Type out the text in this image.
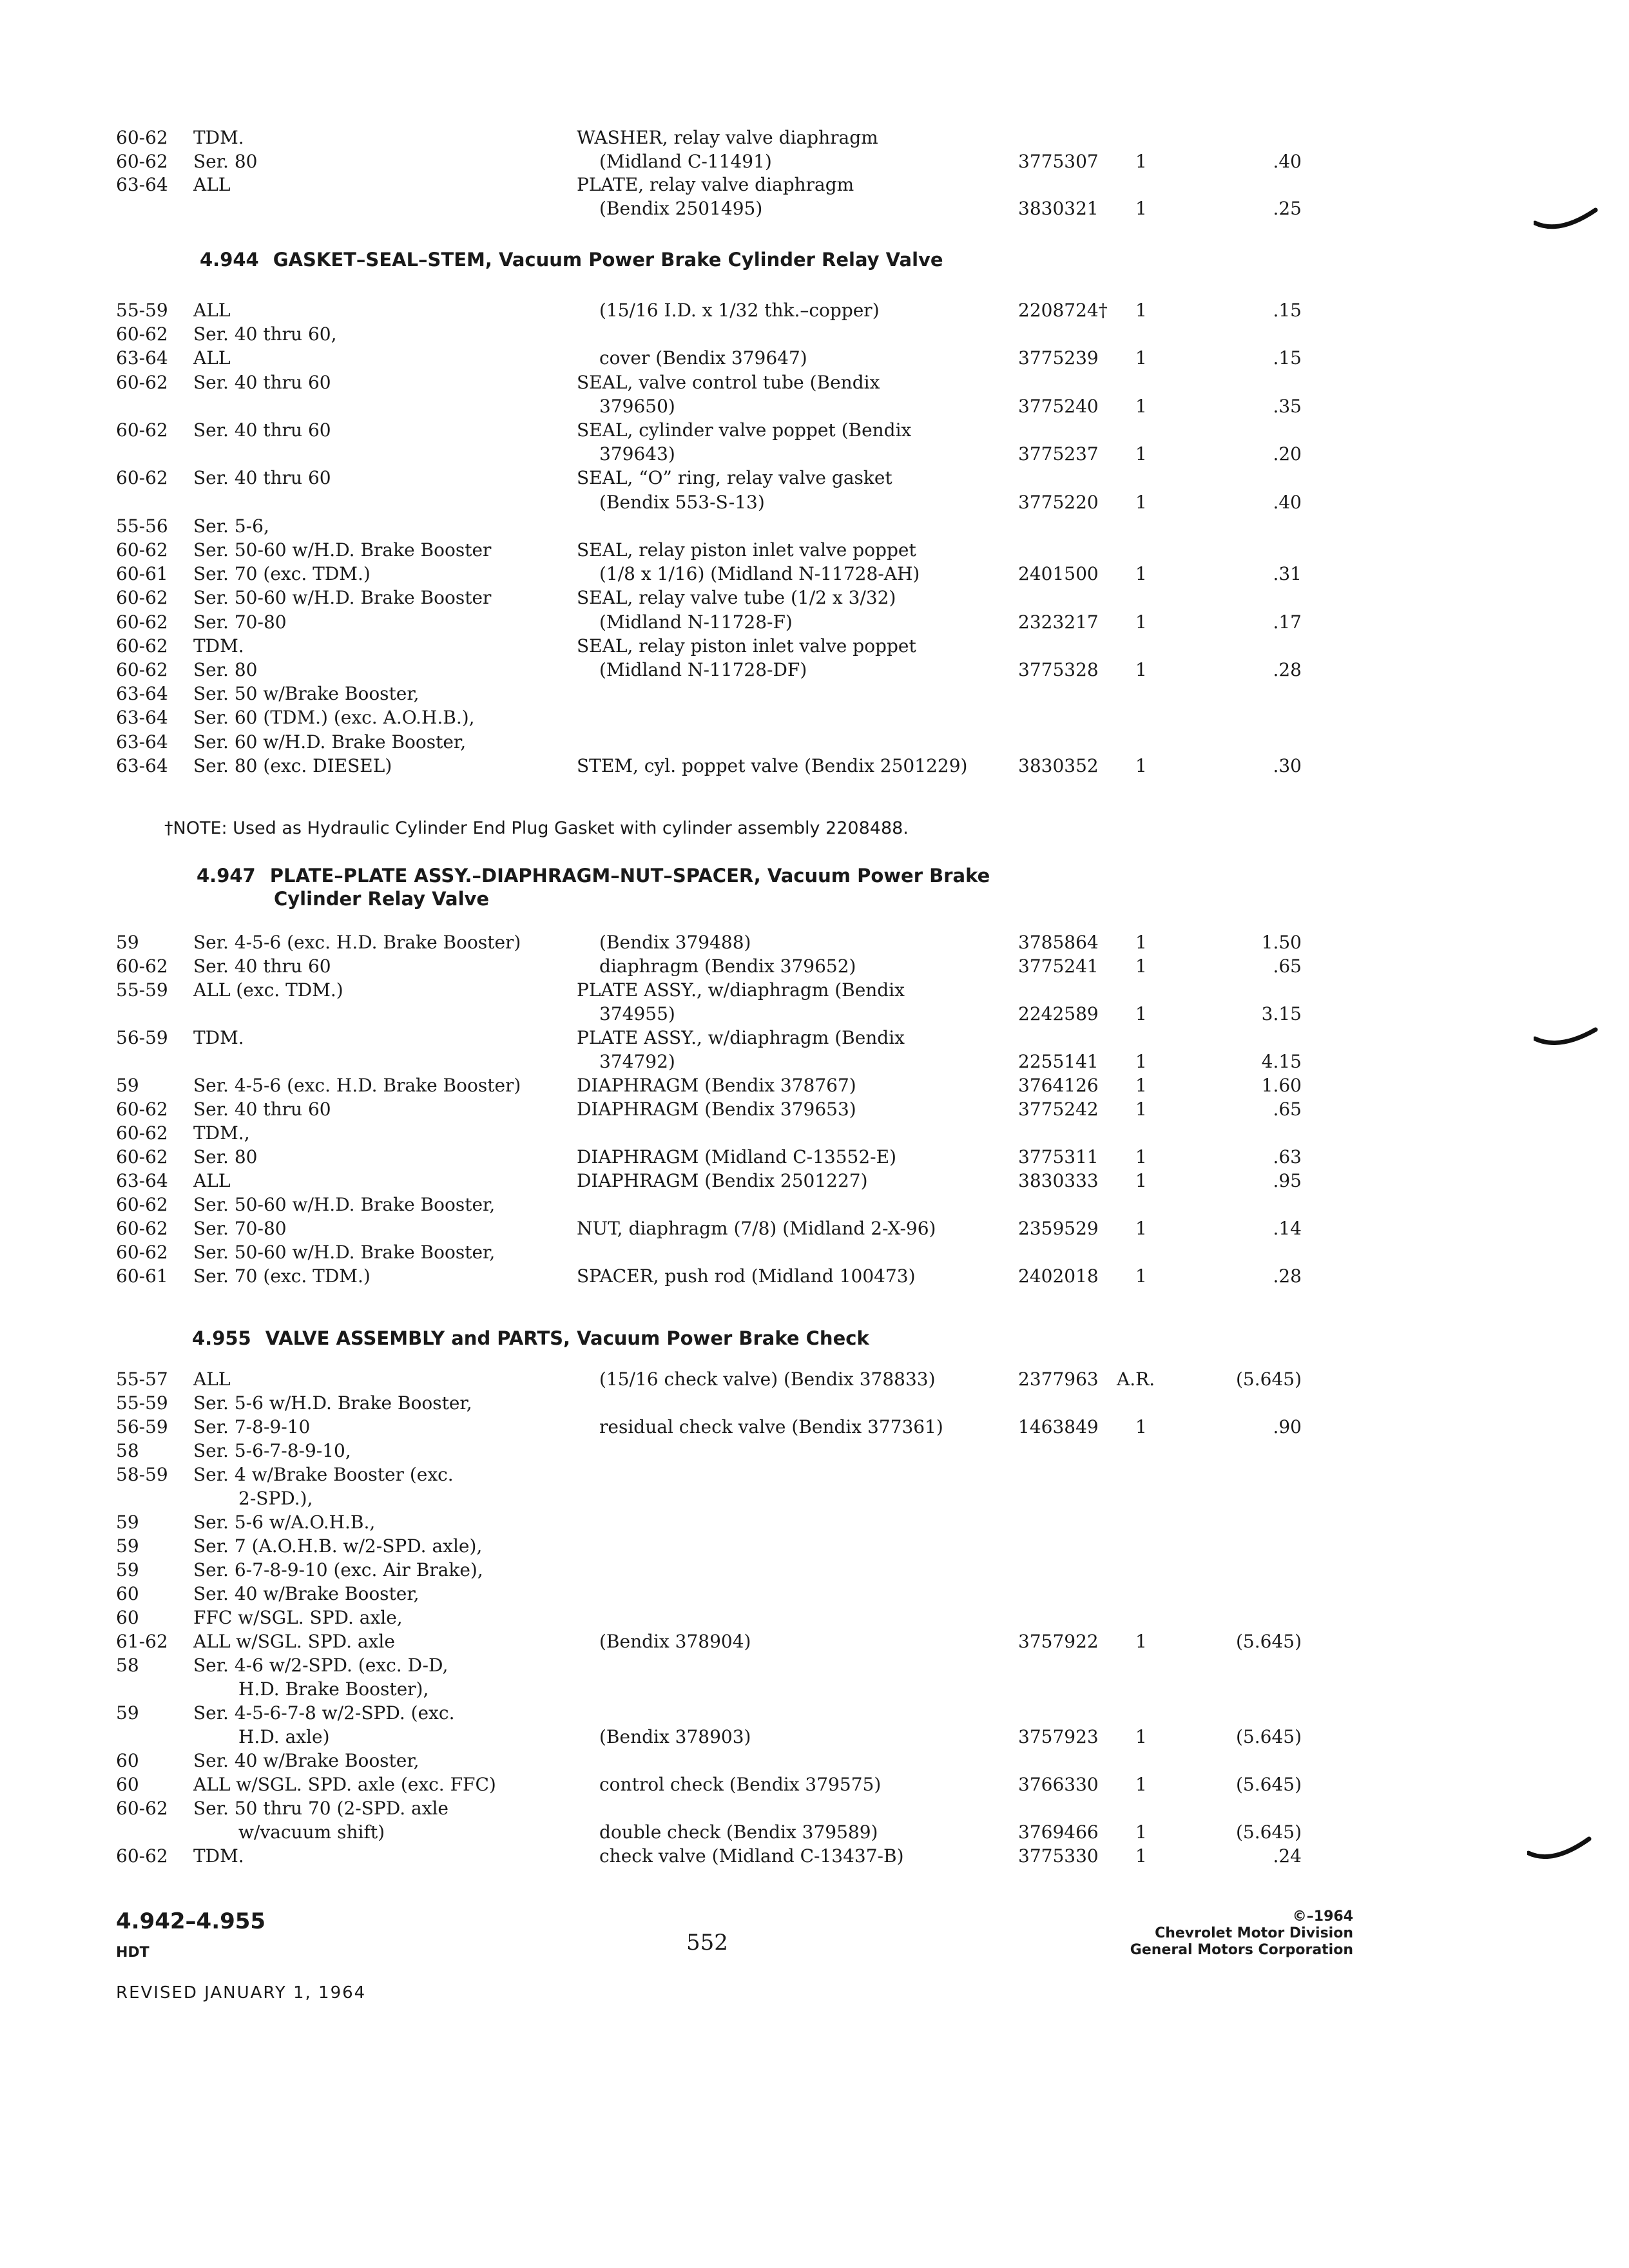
60-62 TDM.	WASHER, relay valve diaphragm
60-62 Ser. 80	(Midland C-11491)	3775307 1	.40
63-64 ALL	PLATE, relay valve diaphragm
(Bendix 2501495)	3830321 1	.25
55-59 ALL	(15/16 I.D. x 1/32 thk.–copper)	2208724† 1	.15
60-62 Ser. 40 thru 60,
63-64 ALL	cover (Bendix 379647)	3775239 1	.15
60-62 Ser. 40 thru 60	SEAL, valve control tube (Bendix
379650)	3775240 1	.35
60-62 Ser. 40 thru 60	SEAL, cylinder valve poppet (Bendix
379643)	3775237 1	.20
60-62 Ser. 40 thru 60	SEAL, “O” ring, relay valve gasket
(Bendix 553-S-13)	3775220 1	.40
55-56 Ser. 5-6,
60-62 Ser. 50-60 w/H.D. Brake Booster	SEAL, relay piston inlet valve poppet
60-61 Ser. 70 (exc. TDM.)	(1/8 x 1/16) (Midland N-11728-AH)	2401500 1	.31
60-62 Ser. 50-60 w/H.D. Brake Booster	SEAL, relay valve tube (1/2 x 3/32)
60-62 Ser. 70-80	(Midland N-11728-F)	2323217 1	.17
60-62 TDM.	SEAL, relay piston inlet valve poppet
60-62 Ser. 80	(Midland N-11728-DF)	3775328 1	.28
63-64 Ser. 50 w/Brake Booster,
63-64 Ser. 60 (TDM.) (exc. A.O.H.B.),
63-64 Ser. 60 w/H.D. Brake Booster,
63-64 Ser. 80 (exc. DIESEL)	STEM, cyl. poppet valve (Bendix 2501229)	3830352 1	.30
59	Ser. 4-5-6 (exc. H.D. Brake Booster)	(Bendix 379488)	3785864 1	1.50
60-62 Ser. 40 thru 60	diaphragm (Bendix 379652)	3775241 1	.65
55-59 ALL (exc. TDM.)	PLATE ASSY., w/diaphragm (Bendix
374955)	2242589 1	3.15
56-59 TDM.	PLATE ASSY., w/diaphragm (Bendix
374792)	2255141 1	4.15
59	Ser. 4-5-6 (exc. H.D. Brake Booster)	DIAPHRAGM (Bendix 378767)	3764126 1	1.60
60-62 Ser. 40 thru 60	DIAPHRAGM (Bendix 379653)	3775242 1	.65
60-62 TDM.,
60-62 Ser. 80	DIAPHRAGM (Midland C-13552-E)	3775311 1	.63
63-64 ALL	DIAPHRAGM (Bendix 2501227)	3830333 1	.95
60-62 Ser. 50-60 w/H.D. Brake Booster,
60-62 Ser. 70-80	NUT, diaphragm (7/8) (Midland 2-X-96)	2359529 1	.14
60-62 Ser. 50-60 w/H.D. Brake Booster,
60-61 Ser. 70 (exc. TDM.)	SPACER, push rod (Midland 100473)	2402018 1	.28
55-57 ALL	(15/16 check valve) (Bendix 378833)	2377963 A.R.	(5.645)
55-59 Ser. 5-6 w/H.D. Brake Booster,
56-59 Ser. 7-8-9-10	residual check valve (Bendix 377361)	1463849 1	.90
58	Ser. 5-6-7-8-9-10,
58-59 Ser. 4 w/Brake Booster (exc.
2-SPD.),
59	Ser. 5-6 w/A.O.H.B.,
59	Ser. 7 (A.O.H.B. w/2-SPD. axle),
59	Ser. 6-7-8-9-10 (exc. Air Brake),
60	Ser. 40 w/Brake Booster,
60	FFC w/SGL. SPD. axle,
61-62 ALL w/SGL. SPD. axle	(Bendix 378904)	3757922 1	(5.645)
58	Ser. 4-6 w/2-SPD. (exc. D-D,
H.D. Brake Booster),
59	Ser. 4-5-6-7-8 w/2-SPD. (exc.
H.D. axle)	(Bendix 378903)	3757923 1	(5.645)
60	Ser. 40 w/Brake Booster,
60	ALL w/SGL. SPD. axle (exc. FFC)	control check (Bendix 379575)	3766330 1	(5.645)
60-62 Ser. 50 thru 70 (2-SPD. axle
w/vacuum shift)	double check (Bendix 379589)	3769466 1	(5.645)
60-62 TDM.	check valve (Midland C-13437-B)	3775330 1	.24
4.944 GASKET–SEAL–STEM, Vacuum Power Brake Cylinder Relay Valve
†NOTE: Used as Hydraulic Cylinder End Plug Gasket with cylinder assembly 2208488.
4.947 PLATE–PLATE ASSY.–DIAPHRAGM–NUT–SPACER, Vacuum Power Brake
Cylinder Relay Valve
4.955 VALVE ASSEMBLY and PARTS, Vacuum Power Brake Check
4.942–4.955
HDT
REVISED JANUARY 1, 1964
552
©–1964
Chevrolet Motor Division
General Motors Corporation
